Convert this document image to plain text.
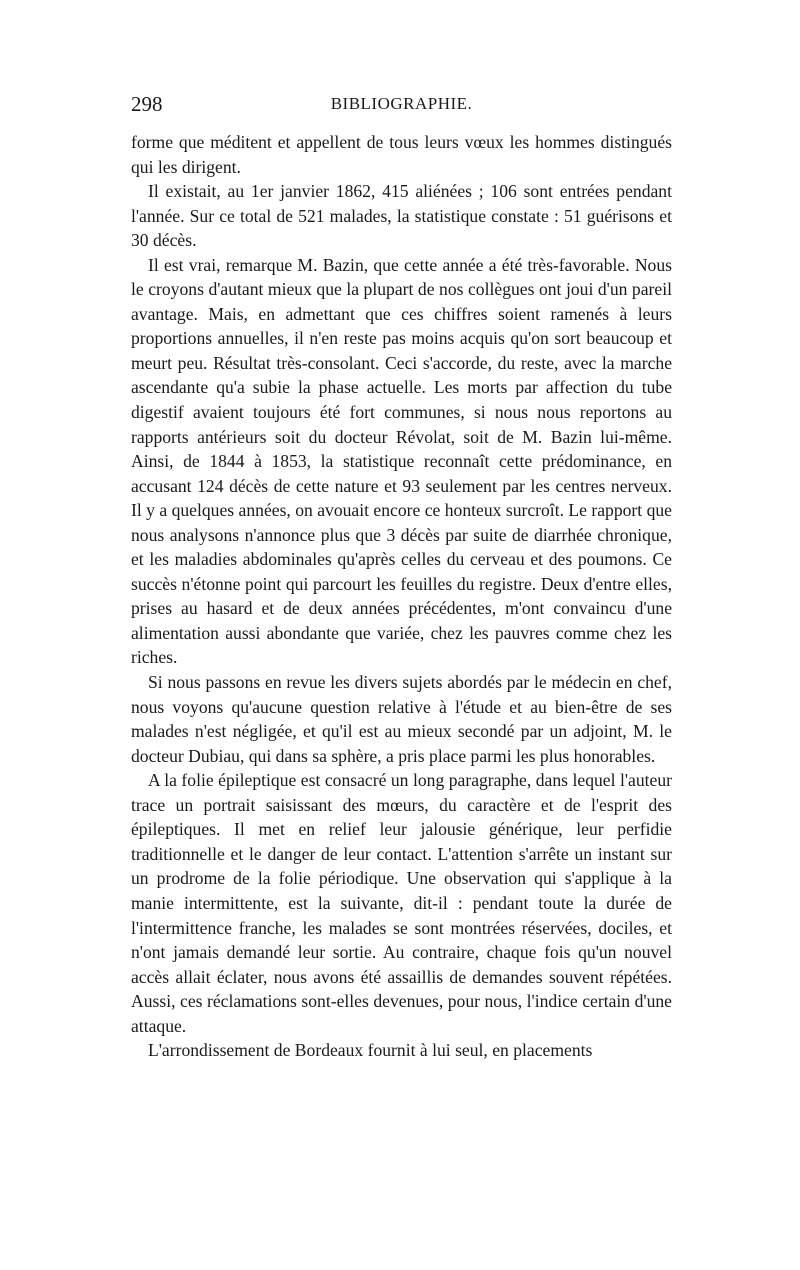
298	BIBLIOGRAPHIE.

forme que méditent et appellent de tous leurs vœux les hommes distingués qui les dirigent.

Il existait, au 1er janvier 1862, 415 aliénées ; 106 sont entrées pendant l'année. Sur ce total de 521 malades, la statistique constate : 51 guérisons et 30 décès.

Il est vrai, remarque M. Bazin, que cette année a été très-favorable. Nous le croyons d'autant mieux que la plupart de nos collègues ont joui d'un pareil avantage. Mais, en admettant que ces chiffres soient ramenés à leurs proportions annuelles, il n'en reste pas moins acquis qu'on sort beaucoup et meurt peu. Résultat très-consolant. Ceci s'accorde, du reste, avec la marche ascendante qu'a subie la phase actuelle. Les morts par affection du tube digestif avaient toujours été fort communes, si nous nous reportons au rapports antérieurs soit du docteur Révolat, soit de M. Bazin lui-même. Ainsi, de 1844 à 1853, la statistique reconnaît cette prédominance, en accusant 124 décès de cette nature et 93 seulement par les centres nerveux. Il y a quelques années, on avouait encore ce honteux surcroît. Le rapport que nous analysons n'annonce plus que 3 décès par suite de diarrhée chronique, et les maladies abdominales qu'après celles du cerveau et des poumons. Ce succès n'étonne point qui parcourt les feuilles du registre. Deux d'entre elles, prises au hasard et de deux années précédentes, m'ont convaincu d'une alimentation aussi abondante que variée, chez les pauvres comme chez les riches.

Si nous passons en revue les divers sujets abordés par le médecin en chef, nous voyons qu'aucune question relative à l'étude et au bien-être de ses malades n'est négligée, et qu'il est au mieux secondé par un adjoint, M. le docteur Dubiau, qui dans sa sphère, a pris place parmi les plus honorables.

A la folie épileptique est consacré un long paragraphe, dans lequel l'auteur trace un portrait saisissant des mœurs, du caractère et de l'esprit des épileptiques. Il met en relief leur jalousie générique, leur perfidie traditionnelle et le danger de leur contact. L'attention s'arrête un instant sur un prodrome de la folie périodique. Une observation qui s'applique à la manie intermittente, est la suivante, dit-il : pendant toute la durée de l'intermittence franche, les malades se sont montrées réservées, dociles, et n'ont jamais demandé leur sortie. Au contraire, chaque fois qu'un nouvel accès allait éclater, nous avons été assaillis de demandes souvent répétées. Aussi, ces réclamations sont-elles devenues, pour nous, l'indice certain d'une attaque.

L'arrondissement de Bordeaux fournit à lui seul, en placements
